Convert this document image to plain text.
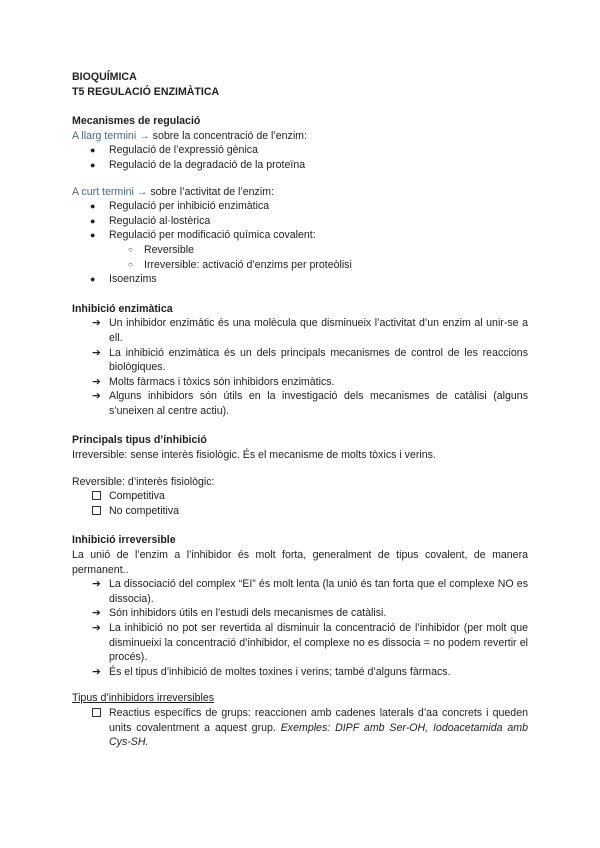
BIOQUÍMICA
T5 REGULACIÓ ENZIMÀTICA
Mecanismes de regulació

A llarg termini → sobre la concentració de l’enzim:

● Regulació de l’expressió gènica
● Regulació de la degradació de la proteïna

A curt termini → sobre l’activitat de l’enzim:

● Regulació per inhibició enzimàtica
● Regulació al·lostèrica
● Regulació per modificació química covalent:
○ Reversible
○ Irreversible: activació d’enzims per proteòlisi
● Isoenzims
Inhibició enzimàtica
➔ Un inhibidor enzimàtic és una molècula que disminueix l’activitat d’un enzim al unir-se a ell.
➔ La inhibició enzimàtica és un dels principals mecanismes de control de les reaccions biològiques.
➔ Molts fàrmacs i tòxics són inhibidors enzimàtics.
➔ Alguns inhibidors són útils en la investigació dels mecanismes de catàlisi (alguns s’uneixen al centre actiu).
Principals tipus d’inhibició

Irreversible: sense interès fisiològic. És el mecanisme de molts tòxics i verins.

Reversible: d’interès fisiològic:

Competitiva
No competitiva
Inhibició irreversible

La unió de l’enzim a l’inhibidor és molt forta, generalment de tipus covalent, de manera permanent..

➔ La dissociació del complex “EI” és molt lenta (la unió és tan forta que el complexe NO es dissocia).
➔ Són inhibidors útils en l’estudi dels mecanismes de catàlisi.
➔ La inhibició no pot ser revertida al disminuir la concentració de l’inhibidor (per molt que disminueixi la concentració d’inhibidor, el complexe no es dissocia = no podem revertir el procés).
➔ És el tipus d’inhibició de moltes toxines i verins; també d’alguns fàrmacs.

Tipus d’inhibidors irreversibles

Reactius específics de grups: reaccionen amb cadenes laterals d’aa concrets i queden units covalentment a aquest grup. Exemples: DIPF amb Ser-OH, Iodoacetamida amb Cys-SH.
